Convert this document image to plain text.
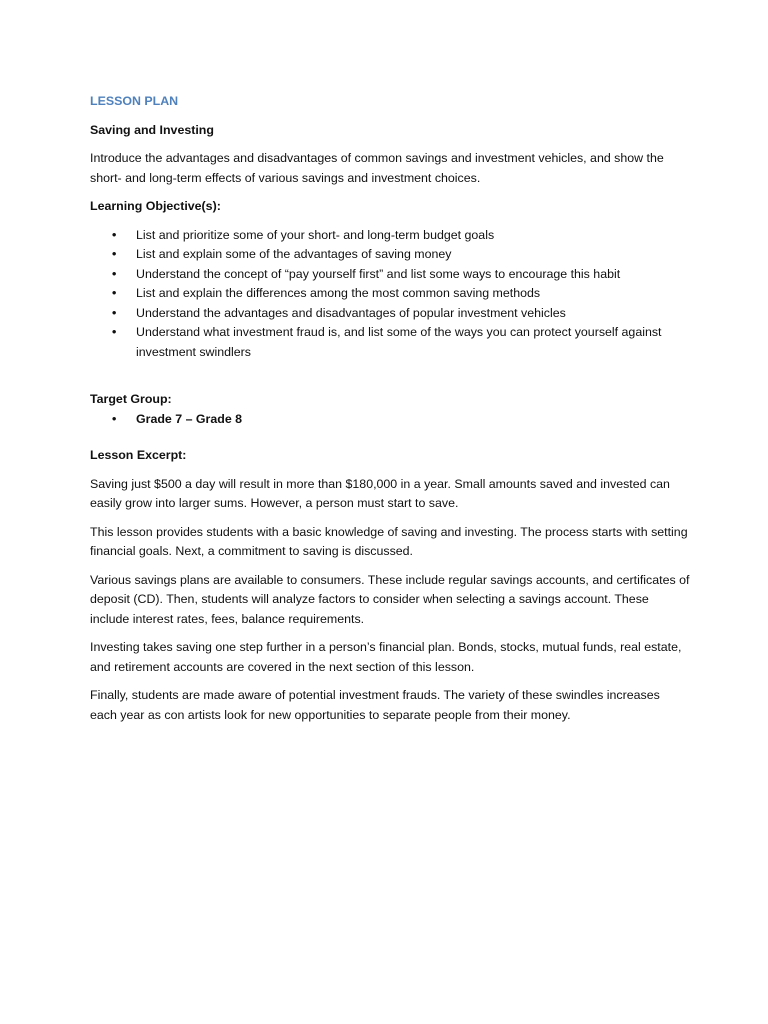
LESSON PLAN
Saving and Investing
Introduce the advantages and disadvantages of common savings and investment vehicles, and show the short- and long-term effects of various savings and investment choices.
Learning Objective(s):
• List and prioritize some of your short- and long-term budget goals
• List and explain some of the advantages of saving money
• Understand the concept of “pay yourself first” and list some ways to encourage this habit
• List and explain the differences among the most common saving methods
• Understand the advantages and disadvantages of popular investment vehicles
• Understand what investment fraud is, and list some of the ways you can protect yourself against investment swindlers
Target Group:
• Grade 7 – Grade 8
Lesson Excerpt:
Saving just $500 a day will result in more than $180,000 in a year. Small amounts saved and invested can easily grow into larger sums. However, a person must start to save.
This lesson provides students with a basic knowledge of saving and investing. The process starts with setting financial goals. Next, a commitment to saving is discussed.
Various savings plans are available to consumers. These include regular savings accounts, and certificates of deposit (CD). Then, students will analyze factors to consider when selecting a savings account. These include interest rates, fees, balance requirements.
Investing takes saving one step further in a person’s financial plan. Bonds, stocks, mutual funds, real estate, and retirement accounts are covered in the next section of this lesson.
Finally, students are made aware of potential investment frauds. The variety of these swindles increases each year as con artists look for new opportunities to separate people from their money.
